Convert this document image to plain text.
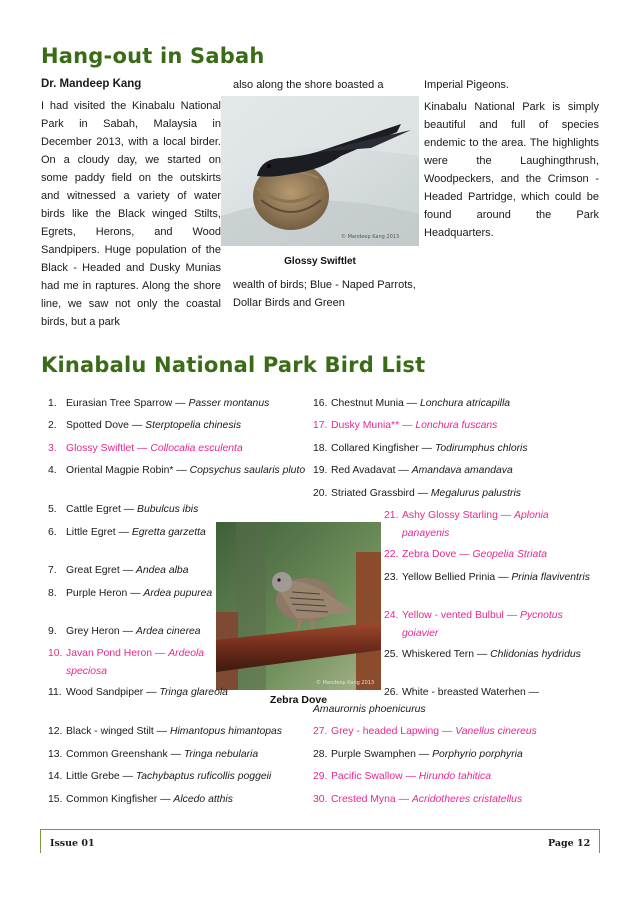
Hang-out in Sabah
Dr. Mandeep Kang

I had visited the Kinabalu National Park in Sabah, Malaysia in December 2013, with a local birder. On a cloudy day, we started on some paddy field on the outskirts and witnessed a variety of water birds like the Black winged Stilts, Egrets, Herons, and Wood Sandpipers. Huge population of the Black - Headed and Dusky Munias had me in raptures. Along the shore line, we saw not only the coastal birds, but a park

also along the shore boasted a

© Mandeep Kang 2013
Glossy Swiftlet

wealth of birds; Blue - Naped Parrots, Dollar Birds and Green

Imperial Pigeons.

Kinabalu National Park is simply beautiful and full of species endemic to the area. The highlights were the Laughingthrush, Woodpeckers, and the Crimson - Headed Partridge, which could be found around the Park Headquarters.

Kinabalu National Park Bird List
© Mandeep Kang 2013
Zebra Dove
1. Eurasian Tree Sparrow — Passer montanus
2. Spotted Dove — Sterptopelia chinesis
3. Glossy Swiftlet — Collocalia esculenta
4. Oriental Magpie Robin* — Copsychus saularis pluto
5. Cattle Egret — Bubulcus ibis
6. Little Egret — Egretta garzetta
7. Great Egret — Andea alba
8. Purple Heron — Ardea pupurea
9. Grey Heron — Ardea cinerea
10. Javan Pond Heron — Ardeola speciosa
11. Wood Sandpiper — Tringa glareola
12. Black - winged Stilt — Himantopus himantopas
13. Common Greenshank — Tringa nebularia
14. Little Grebe — Tachybaptus ruficollis poggeii
15. Common Kingfisher — Alcedo atthis
16. Chestnut Munia — Lonchura atricapilla
17. Dusky Munia** — Lonchura fuscans
18. Collared Kingfisher — Todirumphus chloris
19. Red Avadavat — Amandava amandava
20. Striated Grassbird — Megalurus palustris
21. Ashy Glossy Starling — Aplonia panayenis
22. Zebra Dove — Geopelia Striata
23. Yellow Bellied Prinia — Prinia flaviventris
24. Yellow - vented Bulbul — Pycnotus goiavier
25. Whiskered Tern — Chlidonias hydridus
26. White - breasted Waterhen —
Amaurornis phoenicurus
27. Grey - headed Lapwing — Vanellus cinereus
28. Purple Swamphen — Porphyrio porphyria
29. Pacific Swallow — Hirundo tahitica
30. Crested Myna — Acridotheres cristatellus
Issue 01	Page 12
